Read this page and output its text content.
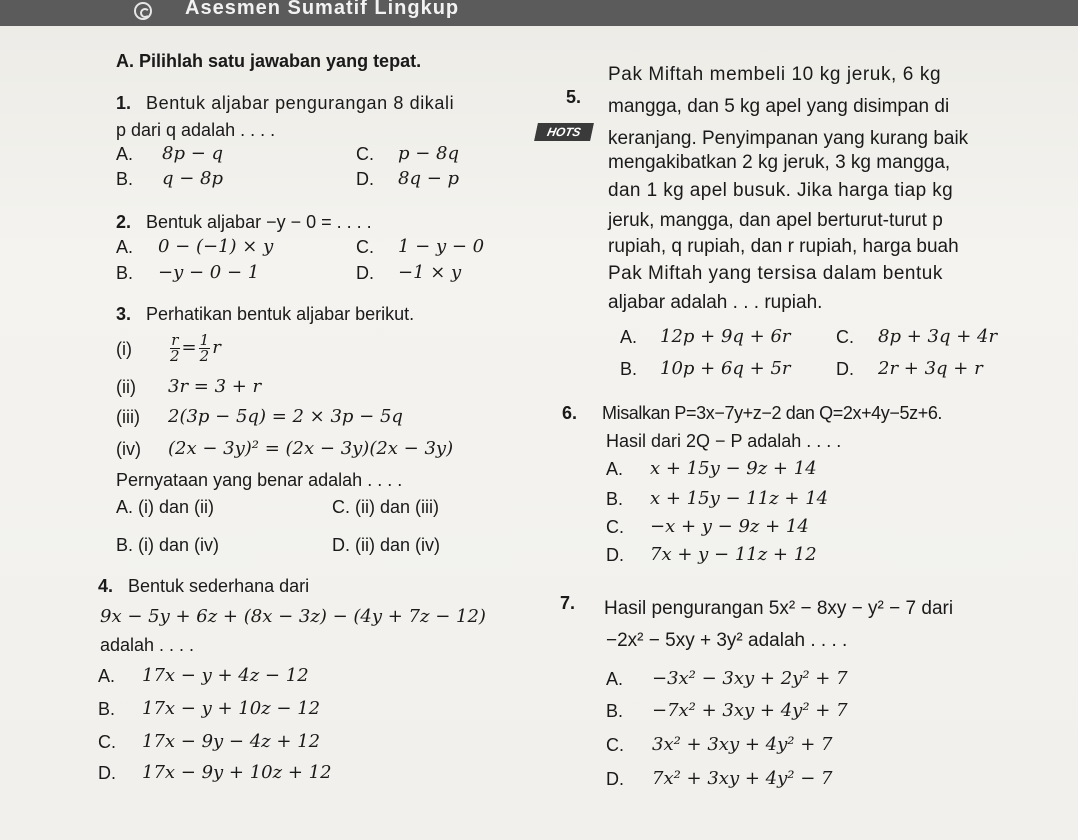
Asesmen Sumatif Lingkup
A. Pilihlah satu jawaban yang tepat.
1. Bentuk aljabar pengurangan 8 dikali
p dari q adalah . . . .
A. 8p − q	C. p − 8q
B. q − 8p	D. 8q − p
2. Bentuk aljabar −y − 0 = . . . .
A. 0 − (−1) × y	C. 1 − y − 0
B. −y − 0 − 1	D. −1 × y
3. Perhatikan bentuk aljabar berikut.
(i)	$\frac{r}{2} = \frac{1}{2}$ r
(ii) 3r = 3 + r
(iii) 2(3p − 5q) = 2 × 3p − 5q
(iv) (2x − 3y)² = (2x − 3y)(2x − 3y)
Pernyataan yang benar adalah . . . .
A. (i) dan (ii)	C. (ii) dan (iii)
B. (i) dan (iv)	D. (ii) dan (iv)
4. Bentuk sederhana dari
9x − 5y + 6z + (8x − 3z) − (4y + 7z − 12)
adalah . . . .
A. 17x − y + 4z − 12
B. 17x − y + 10z − 12
C. 17x − 9y − 4z + 12
D. 17x − 9y + 10z + 12
5.
HOTS
Pak Miftah membeli 10 kg jeruk, 6 kg
mangga, dan 5 kg apel yang disimpan di
keranjang. Penyimpanan yang kurang baik
mengakibatkan 2 kg jeruk, 3 kg mangga,
dan 1 kg apel busuk. Jika harga tiap kg
jeruk, mangga, dan apel berturut-turut p
rupiah, q rupiah, dan r rupiah, harga buah
Pak Miftah yang tersisa dalam bentuk
aljabar adalah . . . rupiah.
A. 12p + 9q + 6r	C. 8p + 3q + 4r
B. 10p + 6q + 5r	D. 2r + 3q + r
6. Misalkan P=3x−7y+z−2 dan Q=2x+4y−5z+6.
Hasil dari 2Q − P adalah . . . .
A. x + 15y − 9z + 14
B. x + 15y − 11z + 14
C. −x + y − 9z + 14
D. 7x + y − 11z + 12
7. Hasil pengurangan 5x² − 8xy − y² − 7 dari
−2x² − 5xy + 3y² adalah . . . .
A. −3x² − 3xy + 2y² + 7
B. −7x² + 3xy + 4y² + 7
C. 3x² + 3xy + 4y² + 7
D. 7x² + 3xy + 4y² − 7
